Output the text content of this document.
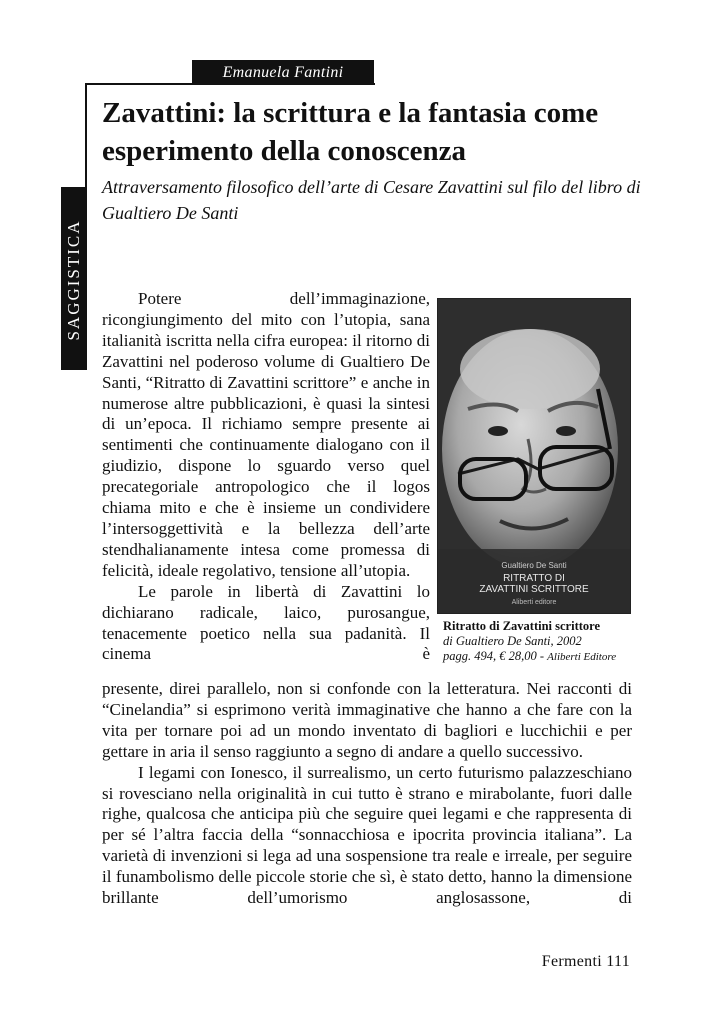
Emanuela Fantini
SAGGISTICA
Zavattini: la scrittura e la fantasia come esperimento della conoscenza

Attraversamento filosofico dell’arte di Cesare Zavattini sul filo del libro di Gualtiero De Santi

Potere dell’immaginazione, ricongiungimento del mito con l’utopia, sana italianità iscritta nella cifra europea: il ritorno di Zavattini nel poderoso volume di Gualtiero De Santi, “Ritratto di Zavattini scrittore” e anche in numerose altre pubblicazioni, è quasi la sintesi di un’epoca. Il richiamo sempre presente ai sentimenti che continuamente dialogano con il giudizio, dispone lo sguardo verso quel precategoriale antropologico che il logos chiama mito e che è insieme un condividere l’intersoggettività e la bellezza dell’arte stendhalianamente intesa come promessa di felicità, ideale regolativo, tensione all’utopia.

Le parole in libertà di Zavattini lo dichiarano radicale, laico, purosangue, tenacemente poetico nella sua padanità. Il cinema è

Gualtiero De Santi
RITRATTO DI ZAVATTINI SCRITTORE
Aliberti editore
Ritratto di Zavattini scrittore
di Gualtiero De Santi, 2002
pagg. 494, € 28,00 - Aliberti Editore

presente, direi parallelo, non si confonde con la letteratura. Nei racconti di “Cinelandia” si esprimono verità immaginative che hanno a che fare con la vita per tornare poi ad un mondo inventato di bagliori e lucchichii e per gettare in aria il senso raggiunto a segno di andare a quello successivo.

I legami con Ionesco, il surrealismo, un certo futurismo palazzeschiano si rovesciano nella originalità in cui tutto è strano e mirabolante, fuori dalle righe, qualcosa che anticipa più che seguire quei legami e che rappresenta di per sé l’altra faccia della “sonnacchiosa e ipocrita provincia italiana”. La varietà di invenzioni si lega ad una sospensione tra reale e irreale, per seguire il funambolismo delle piccole storie che sì, è stato detto, hanno la dimensione brillante dell’umorismo anglosassone, di

Fermenti 111
